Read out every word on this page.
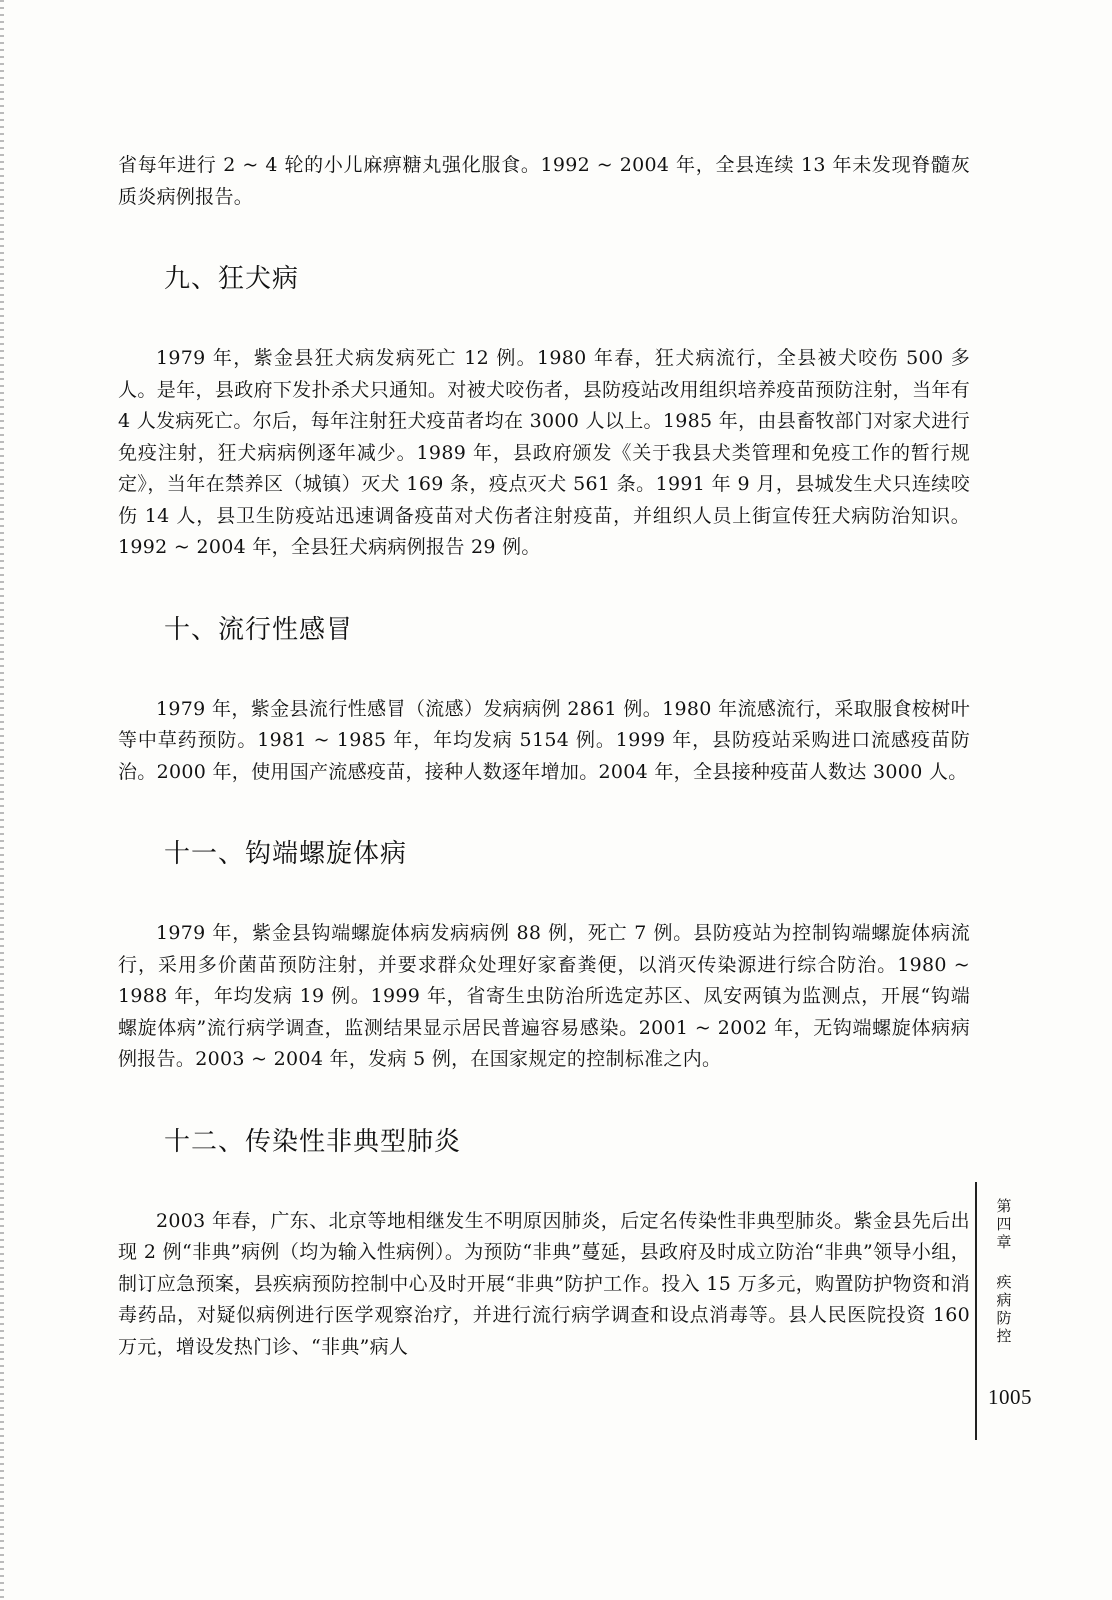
省每年进行 2 ~ 4 轮的小儿麻痹糖丸强化服食。1992 ~ 2004 年，全县连续 13 年未发现脊髓灰质炎病例报告。

九、狂犬病

1979 年，紫金县狂犬病发病死亡 12 例。1980 年春，狂犬病流行，全县被犬咬伤 500 多人。是年，县政府下发扑杀犬只通知。对被犬咬伤者，县防疫站改用组织培养疫苗预防注射，当年有 4 人发病死亡。尔后，每年注射狂犬疫苗者均在 3000 人以上。1985 年，由县畜牧部门对家犬进行免疫注射，狂犬病病例逐年减少。1989 年，县政府颁发《关于我县犬类管理和免疫工作的暂行规定》，当年在禁养区（城镇）灭犬 169 条，疫点灭犬 561 条。1991 年 9 月，县城发生犬只连续咬伤 14 人，县卫生防疫站迅速调备疫苗对犬伤者注射疫苗，并组织人员上街宣传狂犬病防治知识。1992 ~ 2004 年，全县狂犬病病例报告 29 例。

十、流行性感冒

1979 年，紫金县流行性感冒（流感）发病病例 2861 例。1980 年流感流行，采取服食桉树叶等中草药预防。1981 ~ 1985 年，年均发病 5154 例。1999 年，县防疫站采购进口流感疫苗防治。2000 年，使用国产流感疫苗，接种人数逐年增加。2004 年，全县接种疫苗人数达 3000 人。

十一、钩端螺旋体病

1979 年，紫金县钩端螺旋体病发病病例 88 例，死亡 7 例。县防疫站为控制钩端螺旋体病流行，采用多价菌苗预防注射，并要求群众处理好家畜粪便，以消灭传染源进行综合防治。1980 ~ 1988 年，年均发病 19 例。1999 年，省寄生虫防治所选定苏区、凤安两镇为监测点，开展“钩端螺旋体病”流行病学调查，监测结果显示居民普遍容易感染。2001 ~ 2002 年，无钩端螺旋体病病例报告。2003 ~ 2004 年，发病 5 例，在国家规定的控制标准之内。

十二、传染性非典型肺炎

2003 年春，广东、北京等地相继发生不明原因肺炎，后定名传染性非典型肺炎。紫金县先后出现 2 例“非典”病例（均为输入性病例）。为预防“非典”蔓延，县政府及时成立防治“非典”领导小组，制订应急预案，县疾病预防控制中心及时开展“非典”防护工作。投入 15 万多元，购置防护物资和消毒药品，对疑似病例进行医学观察治疗，并进行流行病学调查和设点消毒等。县人民医院投资 160 万元，增设发热门诊、“非典”病人

第
四
章
疾
病
防
控
1005
